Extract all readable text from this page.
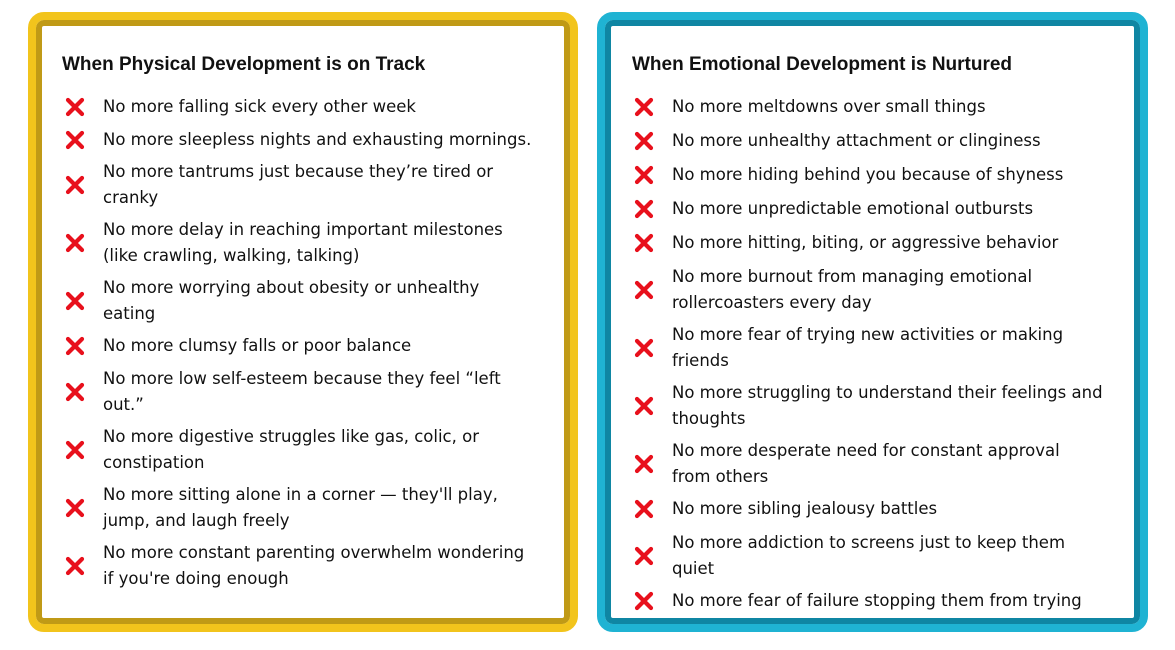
When Physical Development is on Track
No more falling sick every other week
No more sleepless nights and exhausting mornings.
No more tantrums just because they’re tired or cranky
No more delay in reaching important milestones (like crawling, walking, talking)
No more worrying about obesity or unhealthy eating
No more clumsy falls or poor balance
No more low self-esteem because they feel “left out.”
No more digestive struggles like gas, colic, or constipation
No more sitting alone in a corner — they'll play, jump, and laugh freely
No more constant parenting overwhelm wondering if you're doing enough
When Emotional Development is Nurtured
No more meltdowns over small things
No more unhealthy attachment or clinginess
No more hiding behind you because of shyness
No more unpredictable emotional outbursts
No more hitting, biting, or aggressive behavior
No more burnout from managing emotional rollercoasters every day
No more fear of trying new activities or making friends
No more struggling to understand their feelings and thoughts
No more desperate need for constant approval from others
No more sibling jealousy battles
No more addiction to screens just to keep them quiet
No more fear of failure stopping them from trying
